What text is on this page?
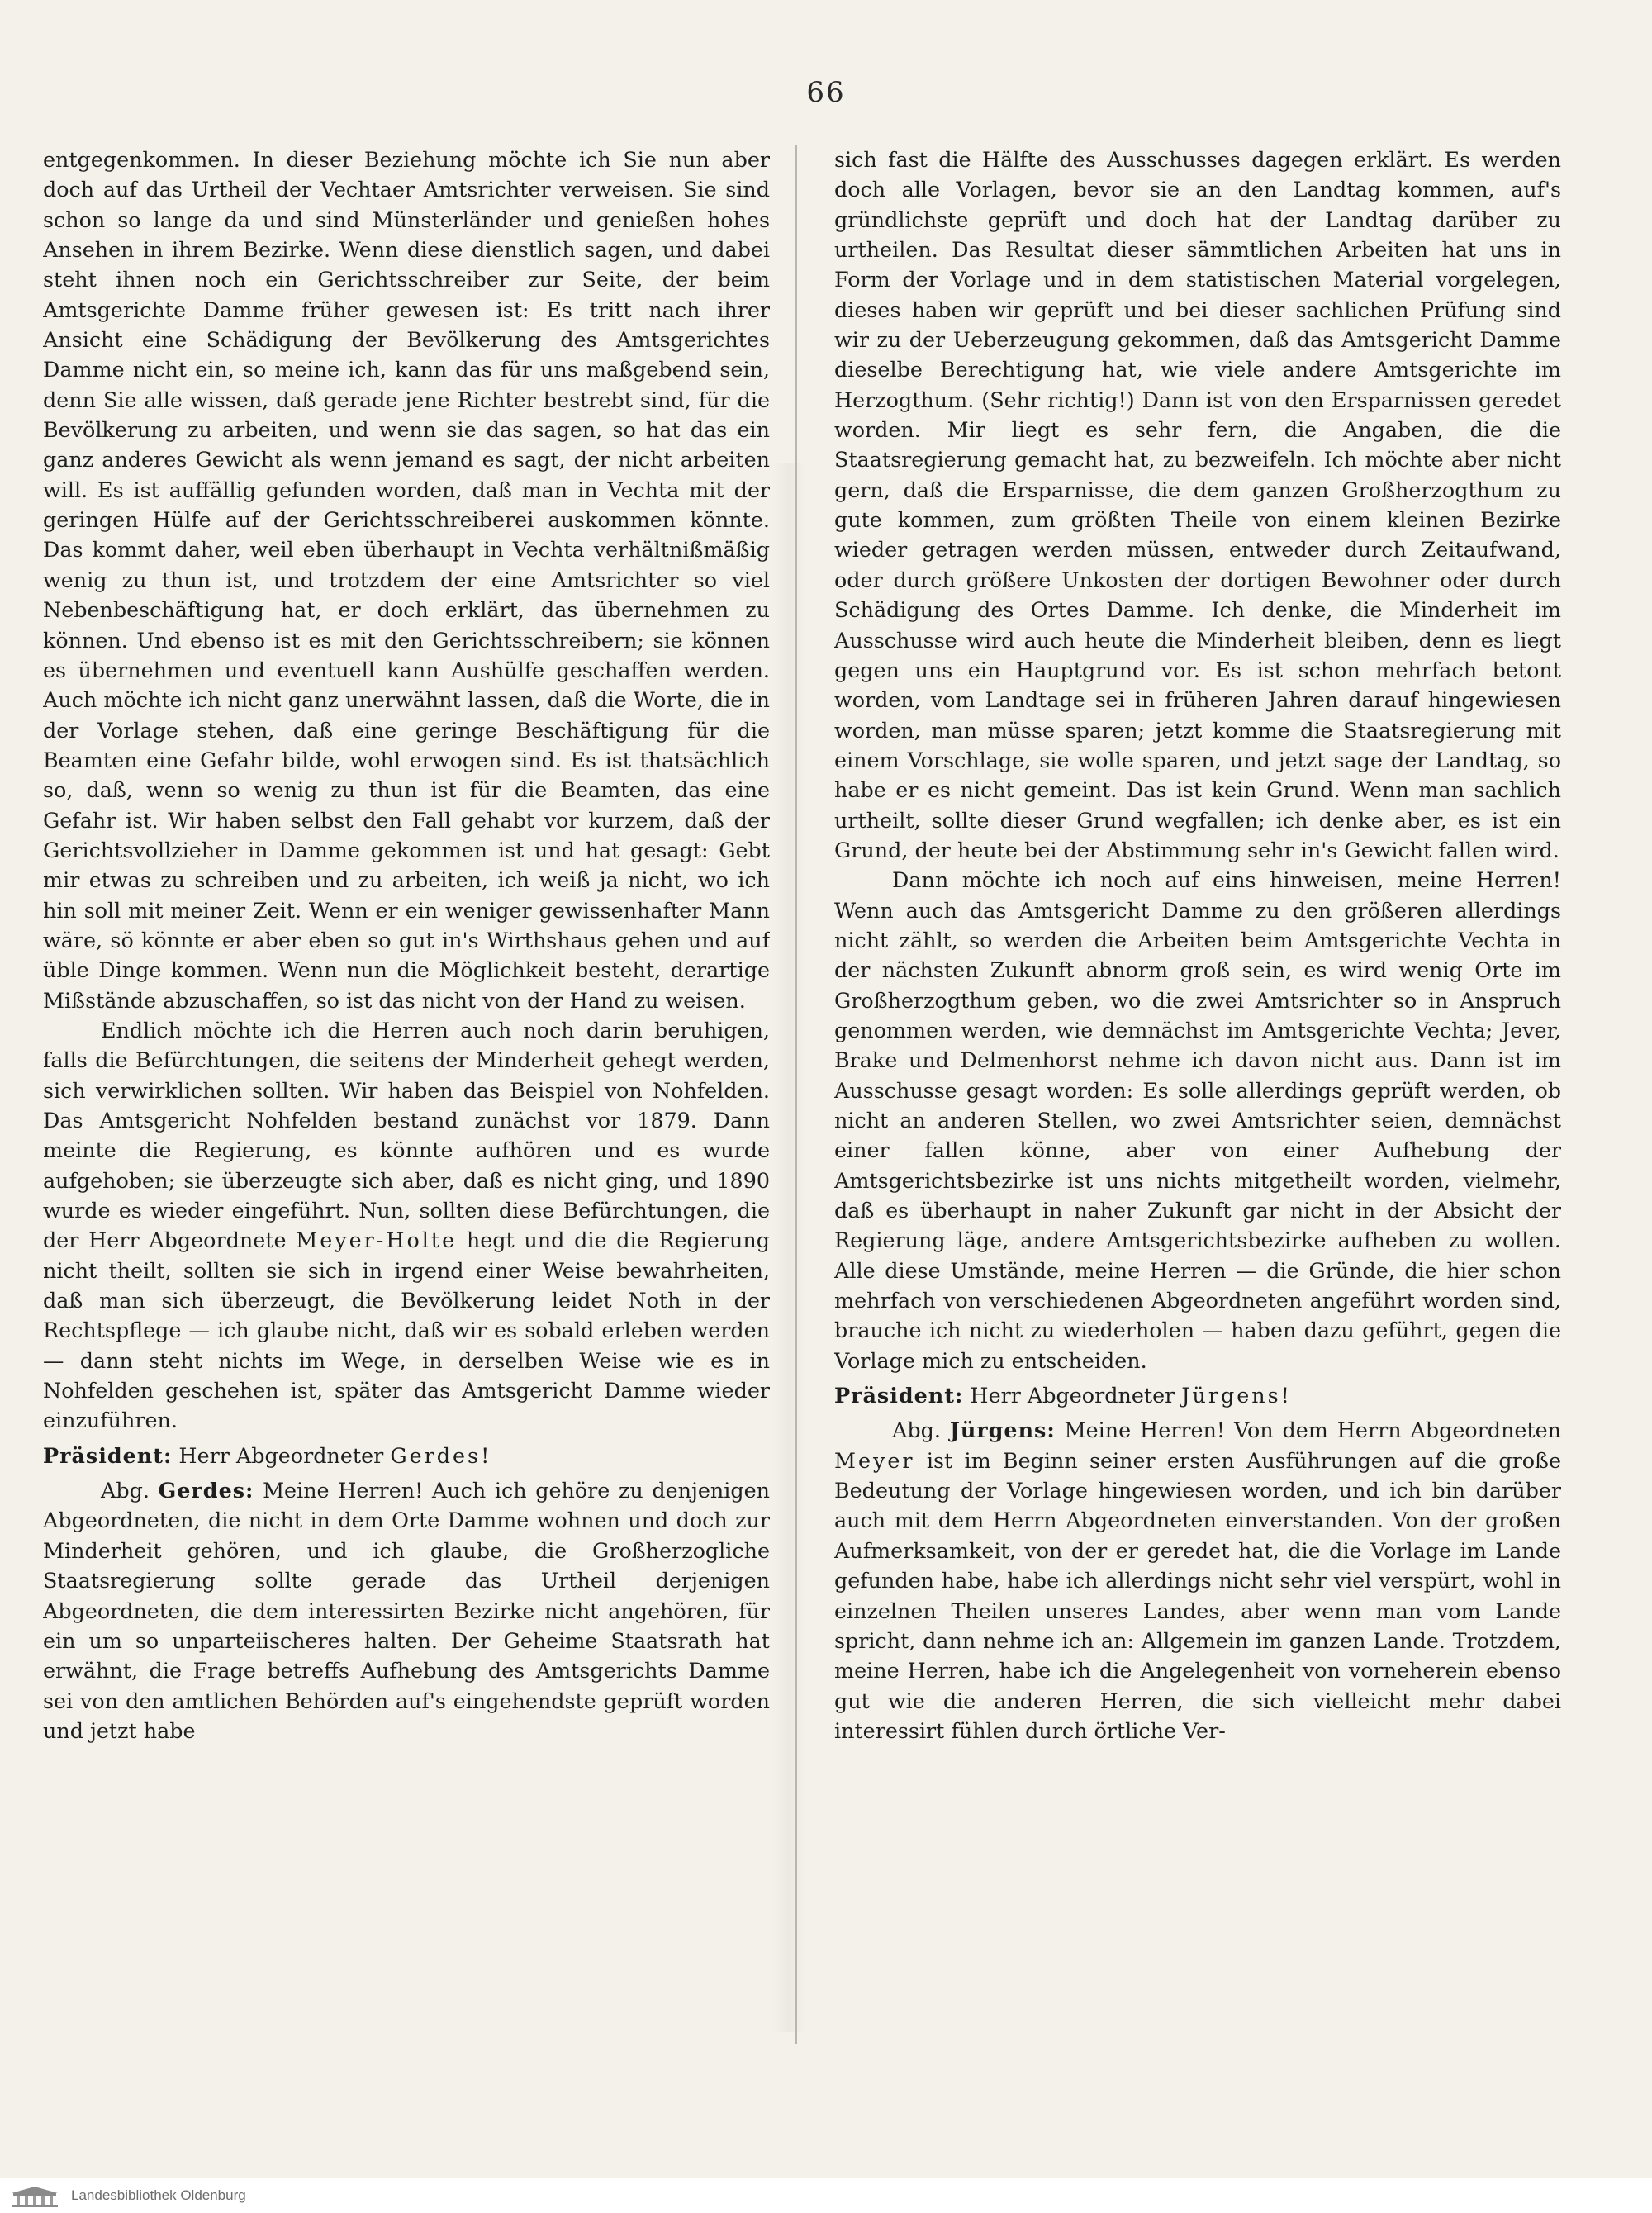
66

entgegenkommen. In dieser Beziehung möchte ich Sie nun aber doch auf das Urtheil der Vechtaer Amtsrichter verweisen. Sie sind schon so lange da und sind Münsterländer und genießen hohes Ansehen in ihrem Bezirke. Wenn diese dienstlich sagen, und dabei steht ihnen noch ein Gerichtsschreiber zur Seite, der beim Amtsgerichte Damme früher gewesen ist: Es tritt nach ihrer Ansicht eine Schädigung der Bevölkerung des Amtsgerichtes Damme nicht ein, so meine ich, kann das für uns maßgebend sein, denn Sie alle wissen, daß gerade jene Richter bestrebt sind, für die Bevölkerung zu arbeiten, und wenn sie das sagen, so hat das ein ganz anderes Gewicht als wenn jemand es sagt, der nicht arbeiten will. Es ist auffällig gefunden worden, daß man in Vechta mit der geringen Hülfe auf der Gerichtsschreiberei auskommen könnte. Das kommt daher, weil eben überhaupt in Vechta verhältnißmäßig wenig zu thun ist, und trotzdem der eine Amtsrichter so viel Nebenbeschäftigung hat, er doch erklärt, das übernehmen zu können. Und ebenso ist es mit den Gerichtsschreibern; sie können es übernehmen und eventuell kann Aushülfe geschaffen werden. Auch möchte ich nicht ganz unerwähnt lassen, daß die Worte, die in der Vorlage stehen, daß eine geringe Beschäftigung für die Beamten eine Gefahr bilde, wohl erwogen sind. Es ist thatsächlich so, daß, wenn so wenig zu thun ist für die Beamten, das eine Gefahr ist. Wir haben selbst den Fall gehabt vor kurzem, daß der Gerichtsvollzieher in Damme gekommen ist und hat gesagt: Gebt mir etwas zu schreiben und zu arbeiten, ich weiß ja nicht, wo ich hin soll mit meiner Zeit. Wenn er ein weniger gewissenhafter Mann wäre, sö könnte er aber eben so gut in's Wirthshaus gehen und auf üble Dinge kommen. Wenn nun die Möglichkeit besteht, derartige Mißstände abzuschaffen, so ist das nicht von der Hand zu weisen.

Endlich möchte ich die Herren auch noch darin beruhigen, falls die Befürchtungen, die seitens der Minderheit gehegt werden, sich verwirklichen sollten. Wir haben das Beispiel von Nohfelden. Das Amtsgericht Nohfelden bestand zunächst vor 1879. Dann meinte die Regierung, es könnte aufhören und es wurde aufgehoben; sie überzeugte sich aber, daß es nicht ging, und 1890 wurde es wieder eingeführt. Nun, sollten diese Befürchtungen, die der Herr Abgeordnete Meyer-Holte hegt und die die Regierung nicht theilt, sollten sie sich in irgend einer Weise bewahrheiten, daß man sich überzeugt, die Bevölkerung leidet Noth in der Rechtspflege — ich glaube nicht, daß wir es sobald erleben werden — dann steht nichts im Wege, in derselben Weise wie es in Nohfelden geschehen ist, später das Amtsgericht Damme wieder einzuführen.

Präsident: Herr Abgeordneter Gerdes!

Abg. Gerdes: Meine Herren! Auch ich gehöre zu denjenigen Abgeordneten, die nicht in dem Orte Damme wohnen und doch zur Minderheit gehören, und ich glaube, die Großherzogliche Staatsregierung sollte gerade das Urtheil derjenigen Abgeordneten, die dem interessirten Bezirke nicht angehören, für ein um so unparteiischeres halten. Der Geheime Staatsrath hat erwähnt, die Frage betreffs Aufhebung des Amtsgerichts Damme sei von den amtlichen Behörden auf's eingehendste geprüft worden und jetzt habe

sich fast die Hälfte des Ausschusses dagegen erklärt. Es werden doch alle Vorlagen, bevor sie an den Landtag kommen, auf's gründlichste geprüft und doch hat der Landtag darüber zu urtheilen. Das Resultat dieser sämmtlichen Arbeiten hat uns in Form der Vorlage und in dem statistischen Material vorgelegen, dieses haben wir geprüft und bei dieser sachlichen Prüfung sind wir zu der Ueberzeugung gekommen, daß das Amtsgericht Damme dieselbe Berechtigung hat, wie viele andere Amtsgerichte im Herzogthum. (Sehr richtig!) Dann ist von den Ersparnissen geredet worden. Mir liegt es sehr fern, die Angaben, die die Staatsregierung gemacht hat, zu bezweifeln. Ich möchte aber nicht gern, daß die Ersparnisse, die dem ganzen Großherzogthum zu gute kommen, zum größten Theile von einem kleinen Bezirke wieder getragen werden müssen, entweder durch Zeitaufwand, oder durch größere Unkosten der dortigen Bewohner oder durch Schädigung des Ortes Damme. Ich denke, die Minderheit im Ausschusse wird auch heute die Minderheit bleiben, denn es liegt gegen uns ein Hauptgrund vor. Es ist schon mehrfach betont worden, vom Landtage sei in früheren Jahren darauf hingewiesen worden, man müsse sparen; jetzt komme die Staatsregierung mit einem Vorschlage, sie wolle sparen, und jetzt sage der Landtag, so habe er es nicht gemeint. Das ist kein Grund. Wenn man sachlich urtheilt, sollte dieser Grund wegfallen; ich denke aber, es ist ein Grund, der heute bei der Abstimmung sehr in's Gewicht fallen wird.

Dann möchte ich noch auf eins hinweisen, meine Herren! Wenn auch das Amtsgericht Damme zu den größeren allerdings nicht zählt, so werden die Arbeiten beim Amtsgerichte Vechta in der nächsten Zukunft abnorm groß sein, es wird wenig Orte im Großherzogthum geben, wo die zwei Amtsrichter so in Anspruch genommen werden, wie demnächst im Amtsgerichte Vechta; Jever, Brake und Delmenhorst nehme ich davon nicht aus. Dann ist im Ausschusse gesagt worden: Es solle allerdings geprüft werden, ob nicht an anderen Stellen, wo zwei Amtsrichter seien, demnächst einer fallen könne, aber von einer Aufhebung der Amtsgerichtsbezirke ist uns nichts mitgetheilt worden, vielmehr, daß es überhaupt in naher Zukunft gar nicht in der Absicht der Regierung läge, andere Amtsgerichtsbezirke aufheben zu wollen. Alle diese Umstände, meine Herren — die Gründe, die hier schon mehrfach von verschiedenen Abgeordneten angeführt worden sind, brauche ich nicht zu wiederholen — haben dazu geführt, gegen die Vorlage mich zu entscheiden.

Präsident: Herr Abgeordneter Jürgens!

Abg. Jürgens: Meine Herren! Von dem Herrn Abgeordneten Meyer ist im Beginn seiner ersten Ausführungen auf die große Bedeutung der Vorlage hingewiesen worden, und ich bin darüber auch mit dem Herrn Abgeordneten einverstanden. Von der großen Aufmerksamkeit, von der er geredet hat, die die Vorlage im Lande gefunden habe, habe ich allerdings nicht sehr viel verspürt, wohl in einzelnen Theilen unseres Landes, aber wenn man vom Lande spricht, dann nehme ich an: Allgemein im ganzen Lande. Trotzdem, meine Herren, habe ich die Angelegenheit von vorneherein ebenso gut wie die anderen Herren, die sich vielleicht mehr dabei interessirt fühlen durch örtliche Ver-

Landesbibliothek Oldenburg
